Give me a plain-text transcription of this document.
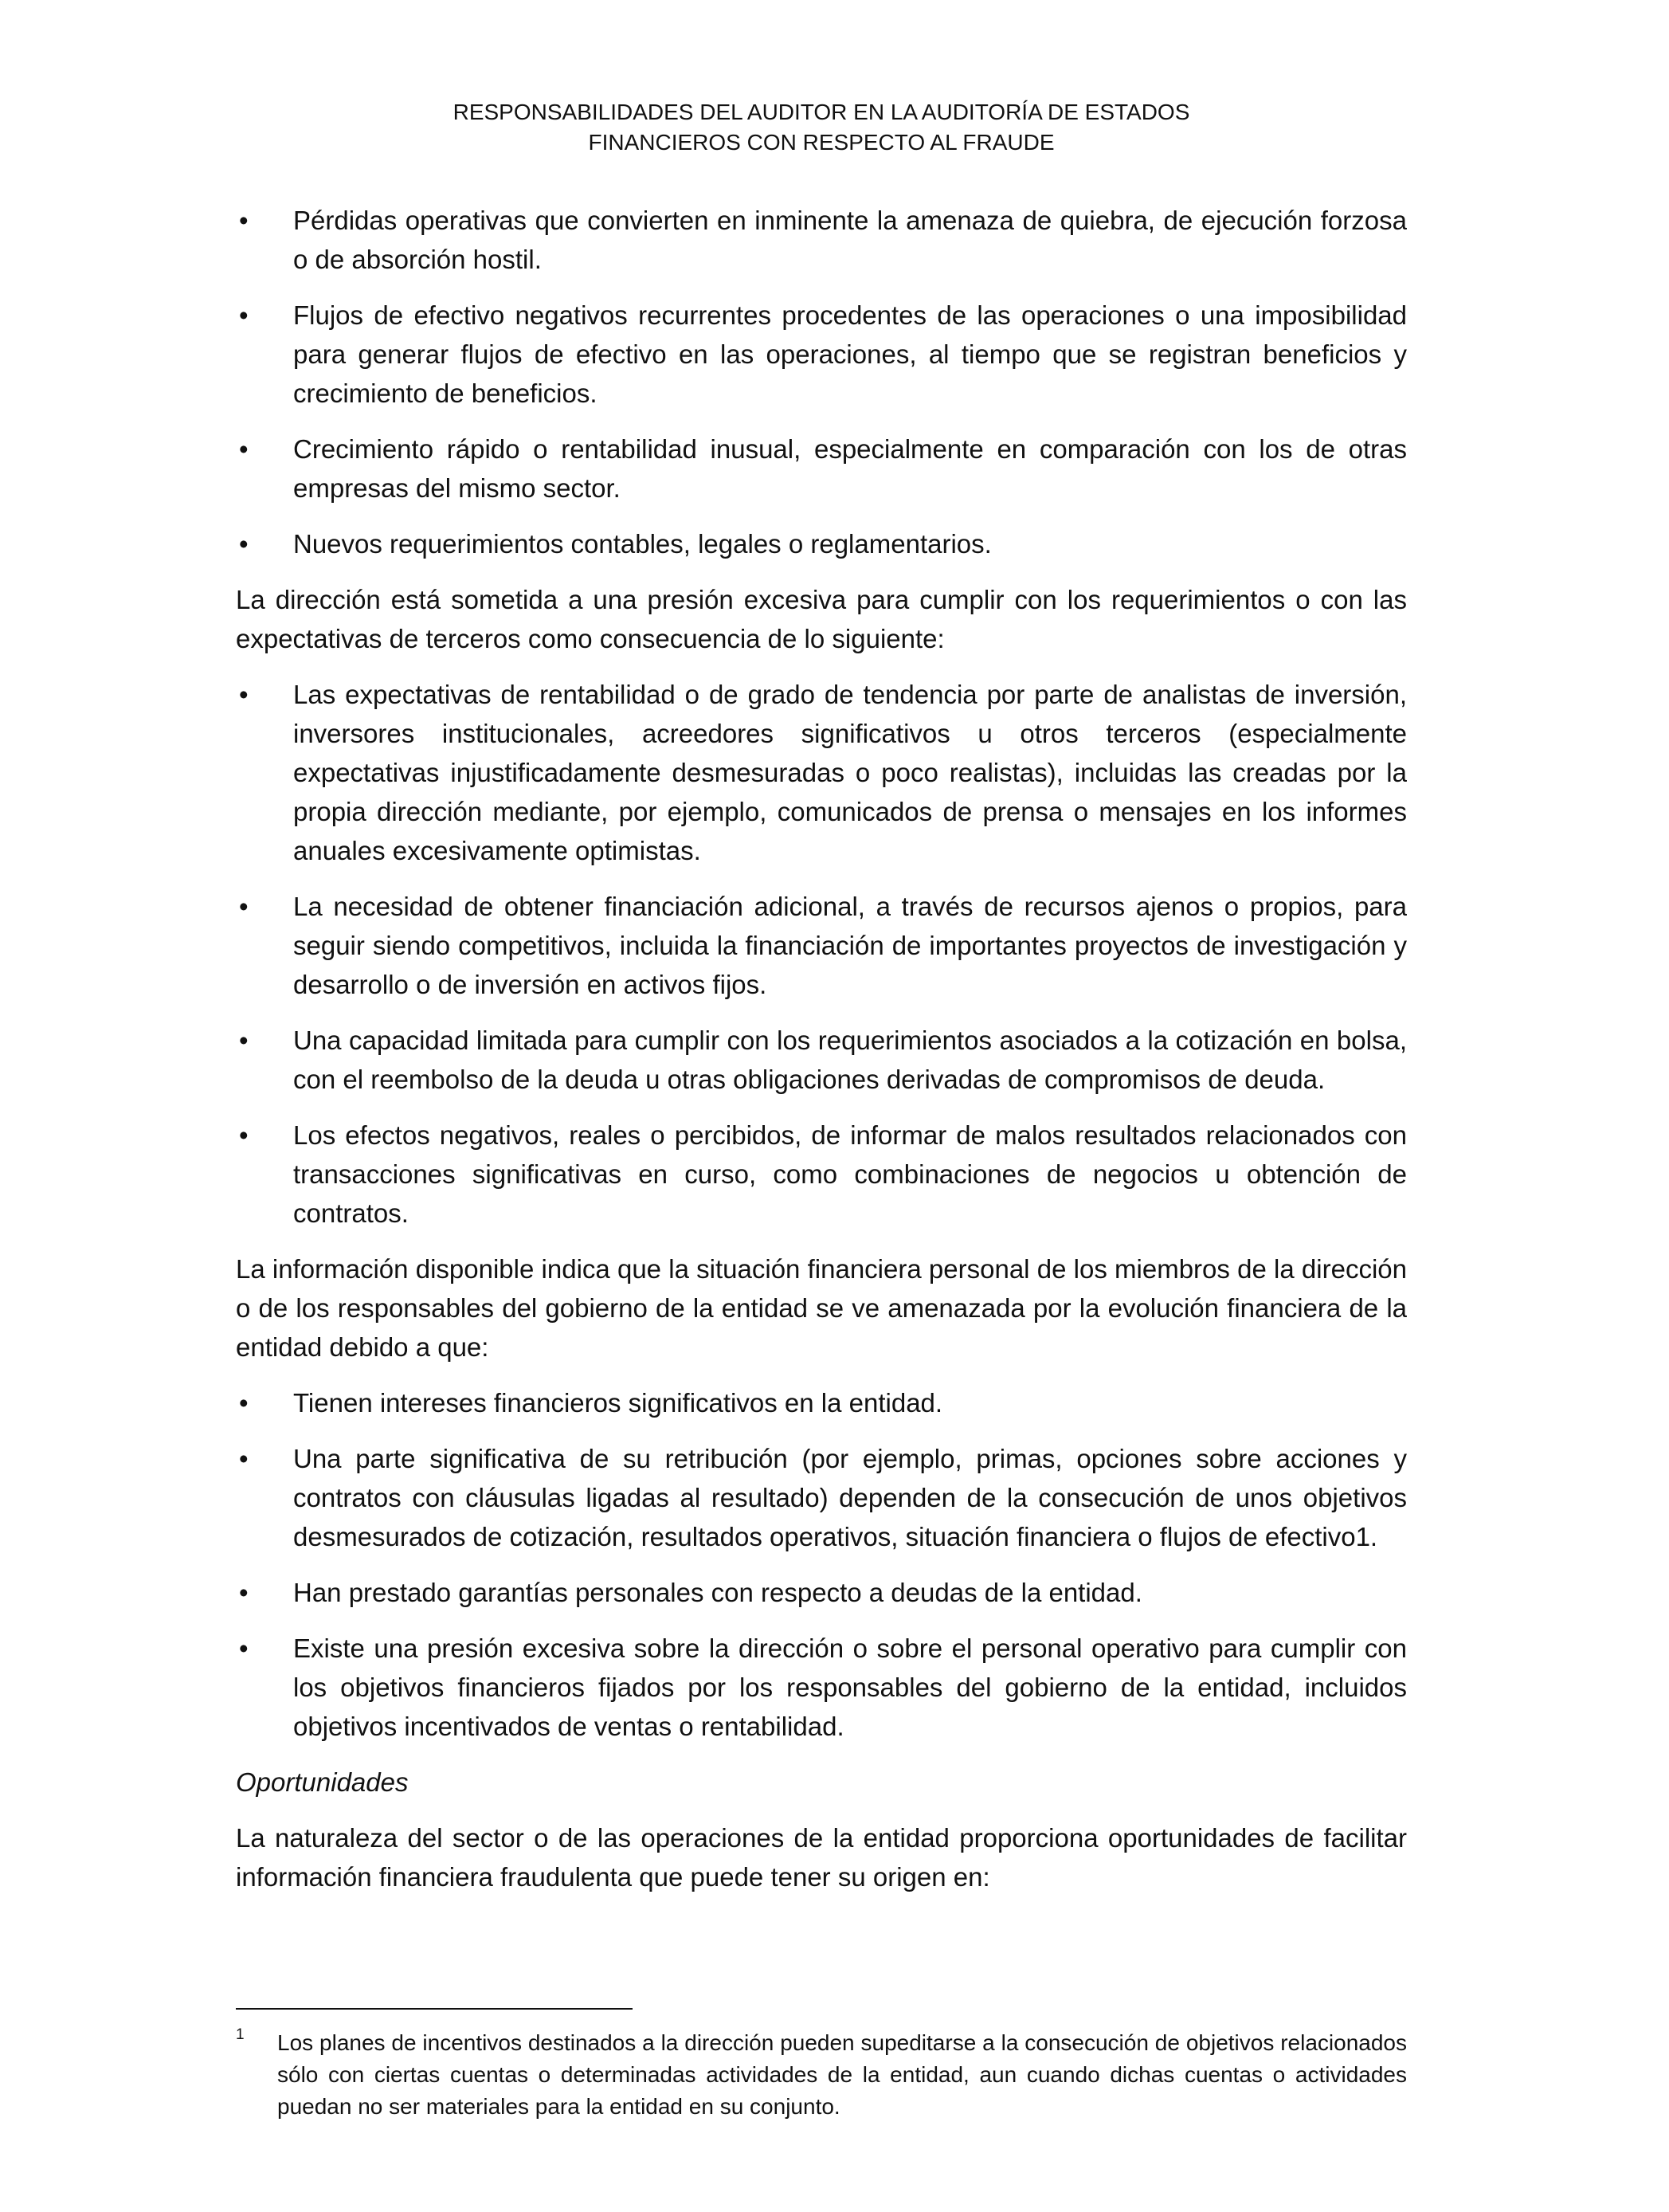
RESPONSABILIDADES DEL AUDITOR EN LA AUDITORÍA DE ESTADOS
FINANCIEROS CON RESPECTO AL FRAUDE
•	Pérdidas operativas que convierten en inminente la amenaza de quiebra, de ejecución forzosa o de absorción hostil.
•	Flujos de efectivo negativos recurrentes procedentes de las operaciones o una imposibilidad para generar flujos de efectivo en las operaciones, al tiempo que se registran beneficios y crecimiento de beneficios.
•	Crecimiento rápido o rentabilidad inusual, especialmente en comparación con los de otras empresas del mismo sector.
•	Nuevos requerimientos contables, legales o reglamentarios.

La dirección está sometida a una presión excesiva para cumplir con los requerimientos o con las expectativas de terceros como consecuencia de lo siguiente:

•	Las expectativas de rentabilidad o de grado de tendencia por parte de analistas de inversión, inversores institucionales, acreedores significativos u otros terceros (especialmente expectativas injustificadamente desmesuradas o poco realistas), incluidas las creadas por la propia dirección mediante, por ejemplo, comunicados de prensa o mensajes en los informes anuales excesivamente optimistas.
•	La necesidad de obtener financiación adicional, a través de recursos ajenos o propios, para seguir siendo competitivos, incluida la financiación de importantes proyectos de investigación y desarrollo o de inversión en activos fijos.
•	Una capacidad limitada para cumplir con los requerimientos asociados a la cotización en bolsa, con el reembolso de la deuda u otras obligaciones derivadas de compromisos de deuda.
•	Los efectos negativos, reales o percibidos, de informar de malos resultados relacionados con transacciones significativas en curso, como combinaciones de negocios u obtención de contratos.

La información disponible indica que la situación financiera personal de los miembros de la dirección o de los responsables del gobierno de la entidad se ve amenazada por la evolución financiera de la entidad debido a que:

•	Tienen intereses financieros significativos en la entidad.
•	Una parte significativa de su retribución (por ejemplo, primas, opciones sobre acciones y contratos con cláusulas ligadas al resultado) dependen de la consecución de unos objetivos desmesurados de cotización, resultados operativos, situación financiera o flujos de efectivo1.
•	Han prestado garantías personales con respecto a deudas de la entidad.
•	Existe una presión excesiva sobre la dirección o sobre el personal operativo para cumplir con los objetivos financieros fijados por los responsables del gobierno de la entidad, incluidos objetivos incentivados de ventas o rentabilidad.

Oportunidades

La naturaleza del sector o de las operaciones de la entidad proporciona oportunidades de facilitar información financiera fraudulenta que puede tener su origen en:

1	Los planes de incentivos destinados a la dirección pueden supeditarse a la consecución de objetivos relacionados sólo con ciertas cuentas o determinadas actividades de la entidad, aun cuando dichas cuentas o actividades puedan no ser materiales para la entidad en su conjunto.
